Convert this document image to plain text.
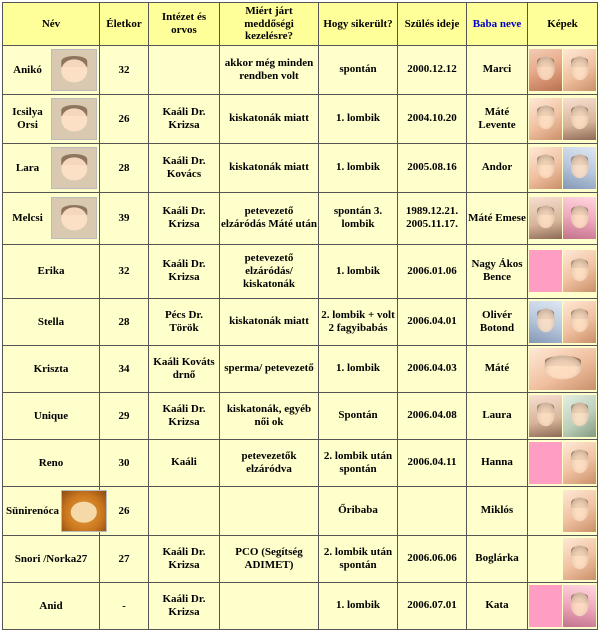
Név	Életkor	Intézet és orvos	Miért járt meddőségi kezelésre?	Hogy sikerült?	Szülés ideje	Baba neve	Képek

Anikó	32		akkor még minden rendben volt	spontán	2000.12.12	Marci	

Icsilya Orsi	26	Kaáli Dr. Krizsa	kiskatonák miatt	1. lombik	2004.10.20	Máté Levente	

Lara	28	Kaáli Dr. Kovács	kiskatonák miatt	1. lombik	2005.08.16	Andor	

Melcsi	39	Kaáli Dr. Krizsa	petevezető elzáródás Máté után	spontán 3. lombik	1989.12.21. 2005.11.17.	Máté Emese	

Erika	32	Kaáli Dr. Krizsa	petevezető elzáródás/ kiskatonák	1. lombik	2006.01.06	Nagy Ákos Bence	

Stella	28	Pécs Dr. Török	kiskatonák miatt	2. lombik + volt 2 fagyibabás	2006.04.01	Olivér Botond	

Kriszta	34	Kaáli Kováts drnő	sperma/ petevezető	1. lombik	2006.04.03	Máté	

Unique	29	Kaáli Dr. Krizsa	kiskatonák, egyéb női ok	Spontán	2006.04.08	Laura	

Reno	30	Kaáli	petevezetők elzáródva	2. lombik után spontán	2006.04.11	Hanna	

Sünirenóca	26			Őribaba		Miklós	

Snori /Norka27	27	Kaáli Dr. Krizsa	PCO (Segítség ADIMET)	2. lombik után spontán	2006.06.06	Boglárka	

Anid	-	Kaáli Dr. Krizsa		1. lombik	2006.07.01	Kata	
